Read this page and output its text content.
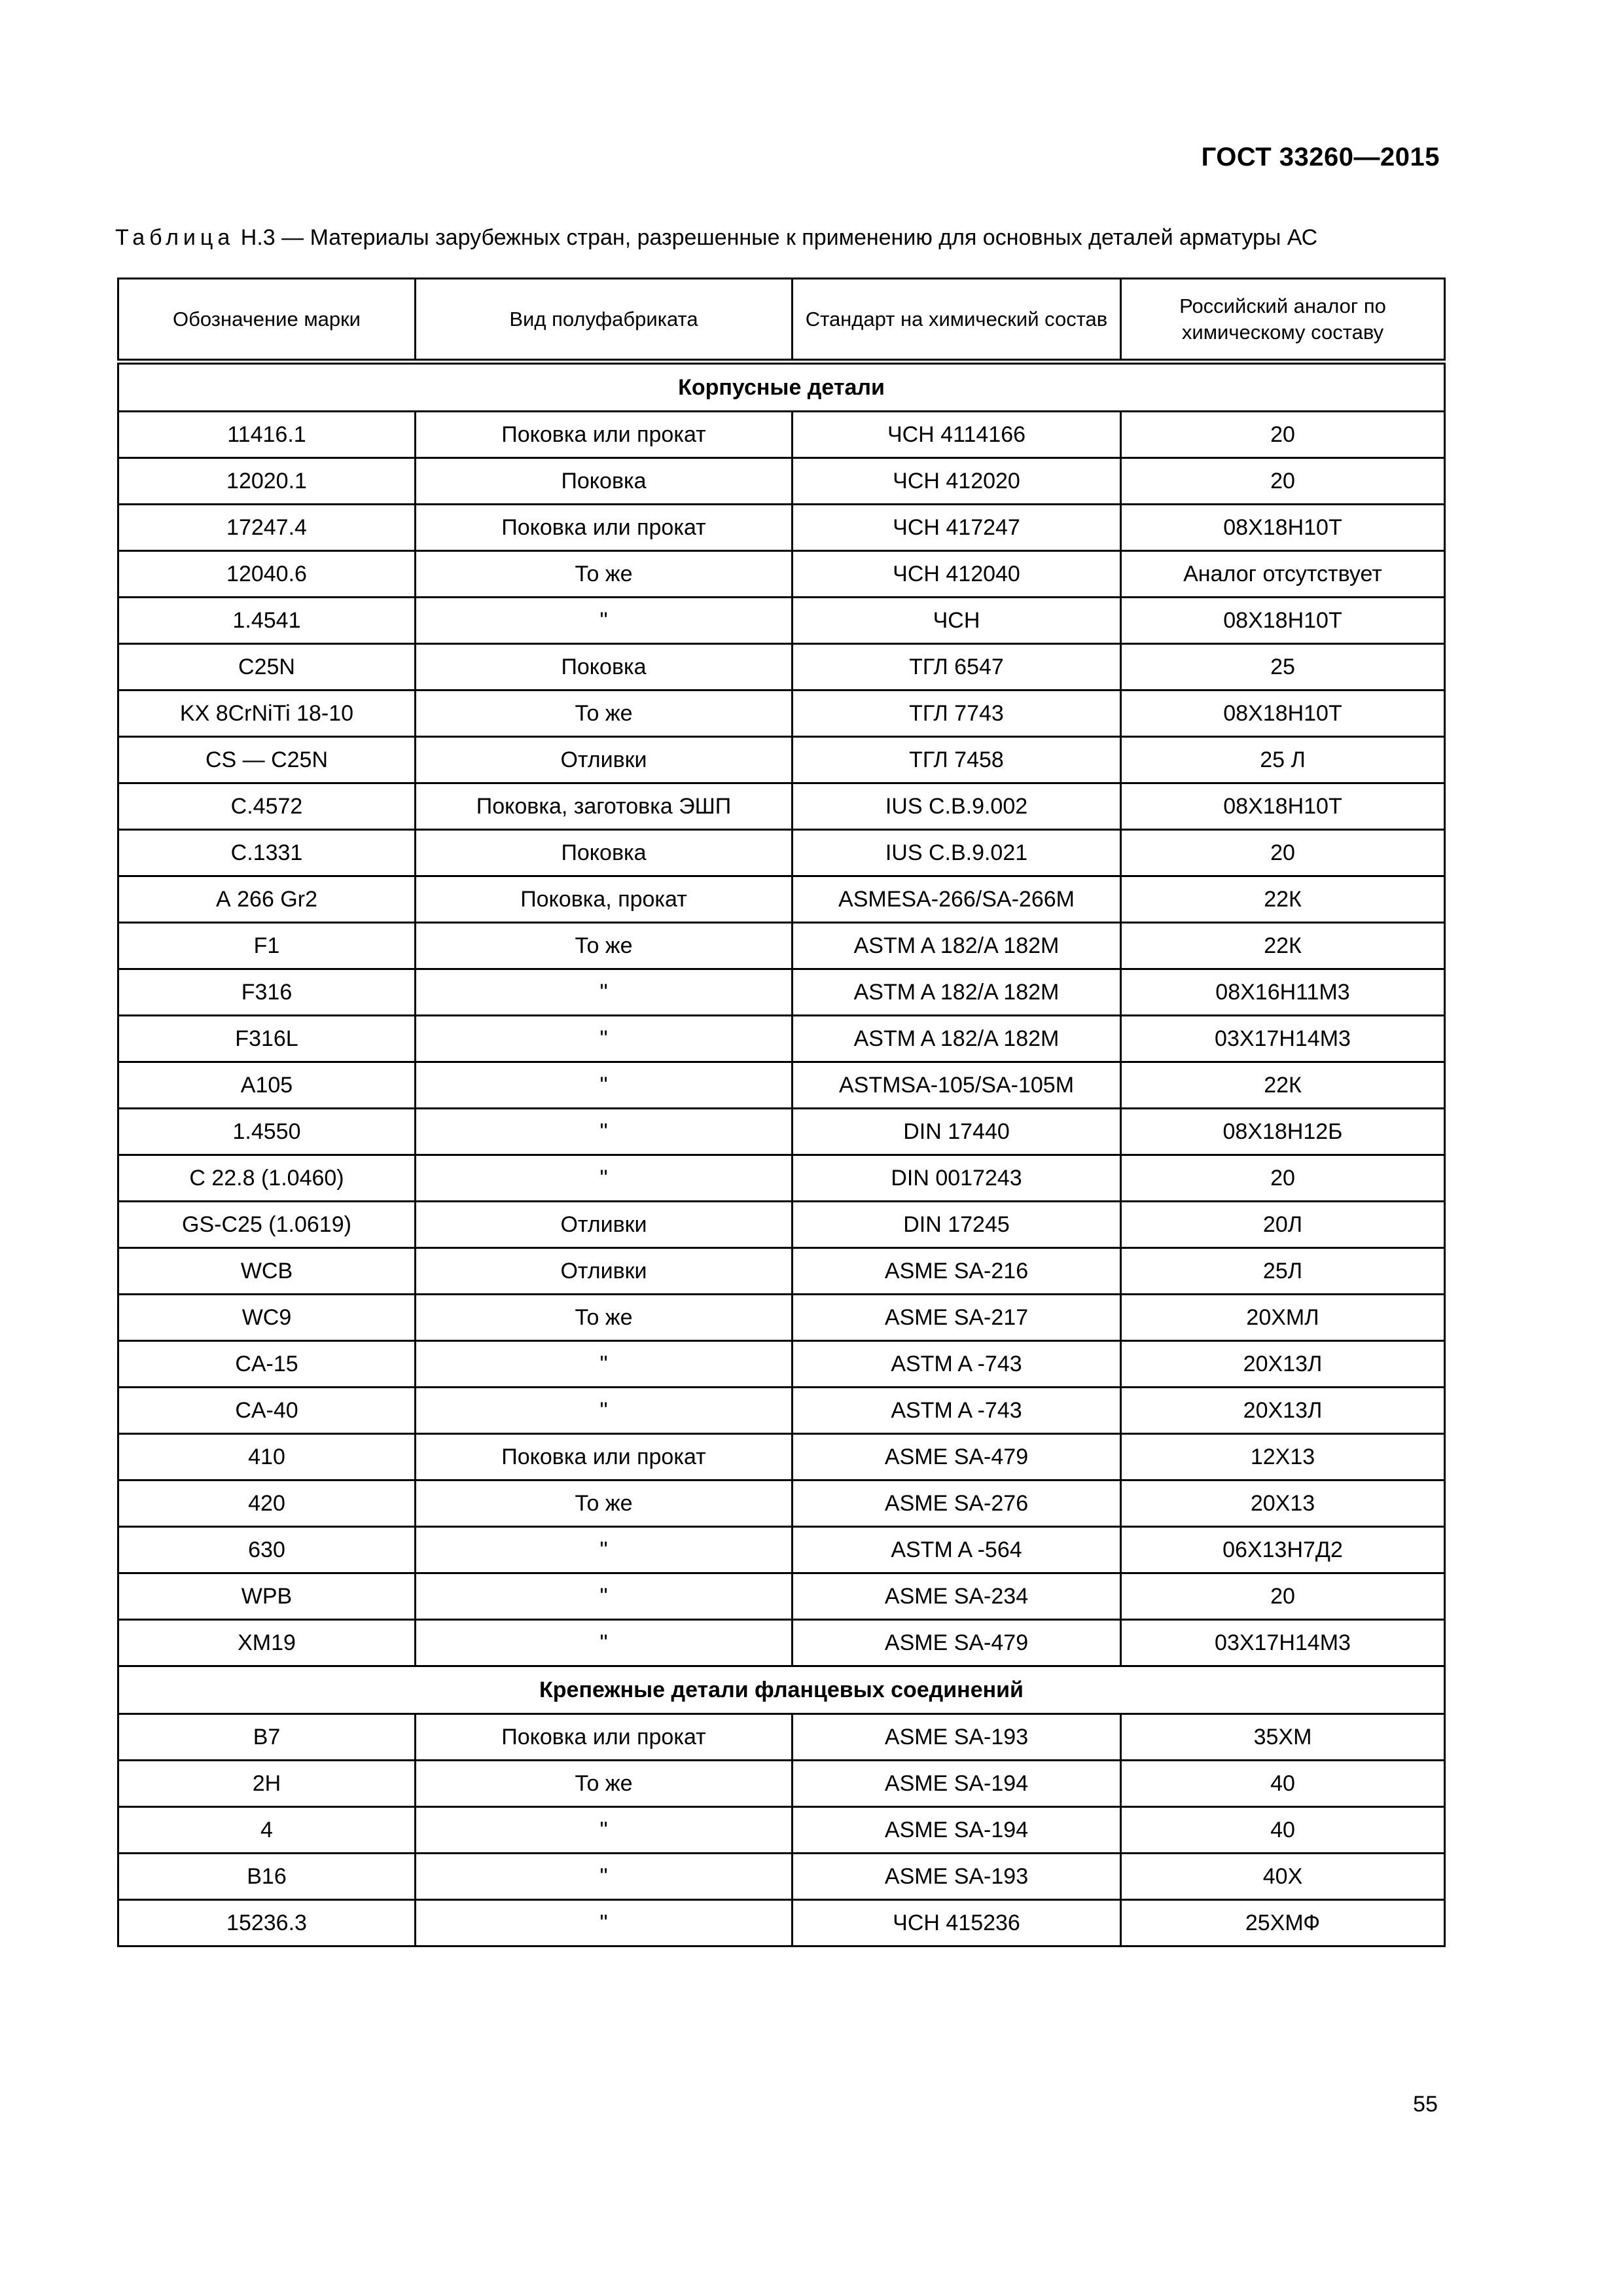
ГОСТ 33260—2015
Таблица Н.3 — Материалы зарубежных стран, разрешенные к применению для основных деталей арматуры АС
Обозначение марки	Вид полуфабриката	Стандарт на химический состав	Российский аналог по химическому составу
Корпусные детали			
11416.1	Поковка или прокат	ЧСН 4114166	20
12020.1	Поковка	ЧСН 412020	20
17247.4	Поковка или прокат	ЧСН 417247	08Х18Н10Т
12040.6	То же	ЧСН 412040	Аналог отсутствует
1.4541	"	ЧСН	08Х18Н10Т
C25N	Поковка	ТГЛ 6547	25
KX 8CrNiTi 18-10	То же	ТГЛ 7743	08Х18Н10Т
CS — C25N	Отливки	ТГЛ 7458	25 Л
С.4572	Поковка, заготовка ЭШП	IUS С.В.9.002	08Х18Н10Т
С.1331	Поковка	IUS С.В.9.021	20
А 266 Gr2	Поковка, прокат	ASMESA-266/SA-266M	22К
F1	То же	ASTM A 182/A 182M	22К
F316	"	ASTM A 182/A 182M	08Х16Н11М3
F316L	"	ASTM A 182/A 182M	03Х17Н14М3
А105	"	ASTMSA-105/SA-105M	22К
1.4550	"	DIN 17440	08Х18Н12Б
С 22.8 (1.0460)	"	DIN 0017243	20
GS-C25 (1.0619)	Отливки	DIN 17245	20Л
WCB	Отливки	ASME SA-216	25Л
WC9	То же	ASME SA-217	20ХМЛ
CA-15	"	ASTM A -743	20Х13Л
CA-40	"	ASTM A -743	20Х13Л
410	Поковка или прокат	ASME SA-479	12Х13
420	То же	ASME SA-276	20Х13
630	"	ASTM A -564	06Х13Н7Д2
WPB	"	ASME SA-234	20
XM19	"	ASME SA-479	03Х17Н14М3
Крепежные детали фланцевых соединений			
В7	Поковка или прокат	ASME SA-193	35ХМ
2Н	То же	ASME SA-194	40
4	"	ASME SA-194	40
В16	"	ASME SA-193	40Х
15236.3	"	ЧСН 415236	25ХМФ
55
